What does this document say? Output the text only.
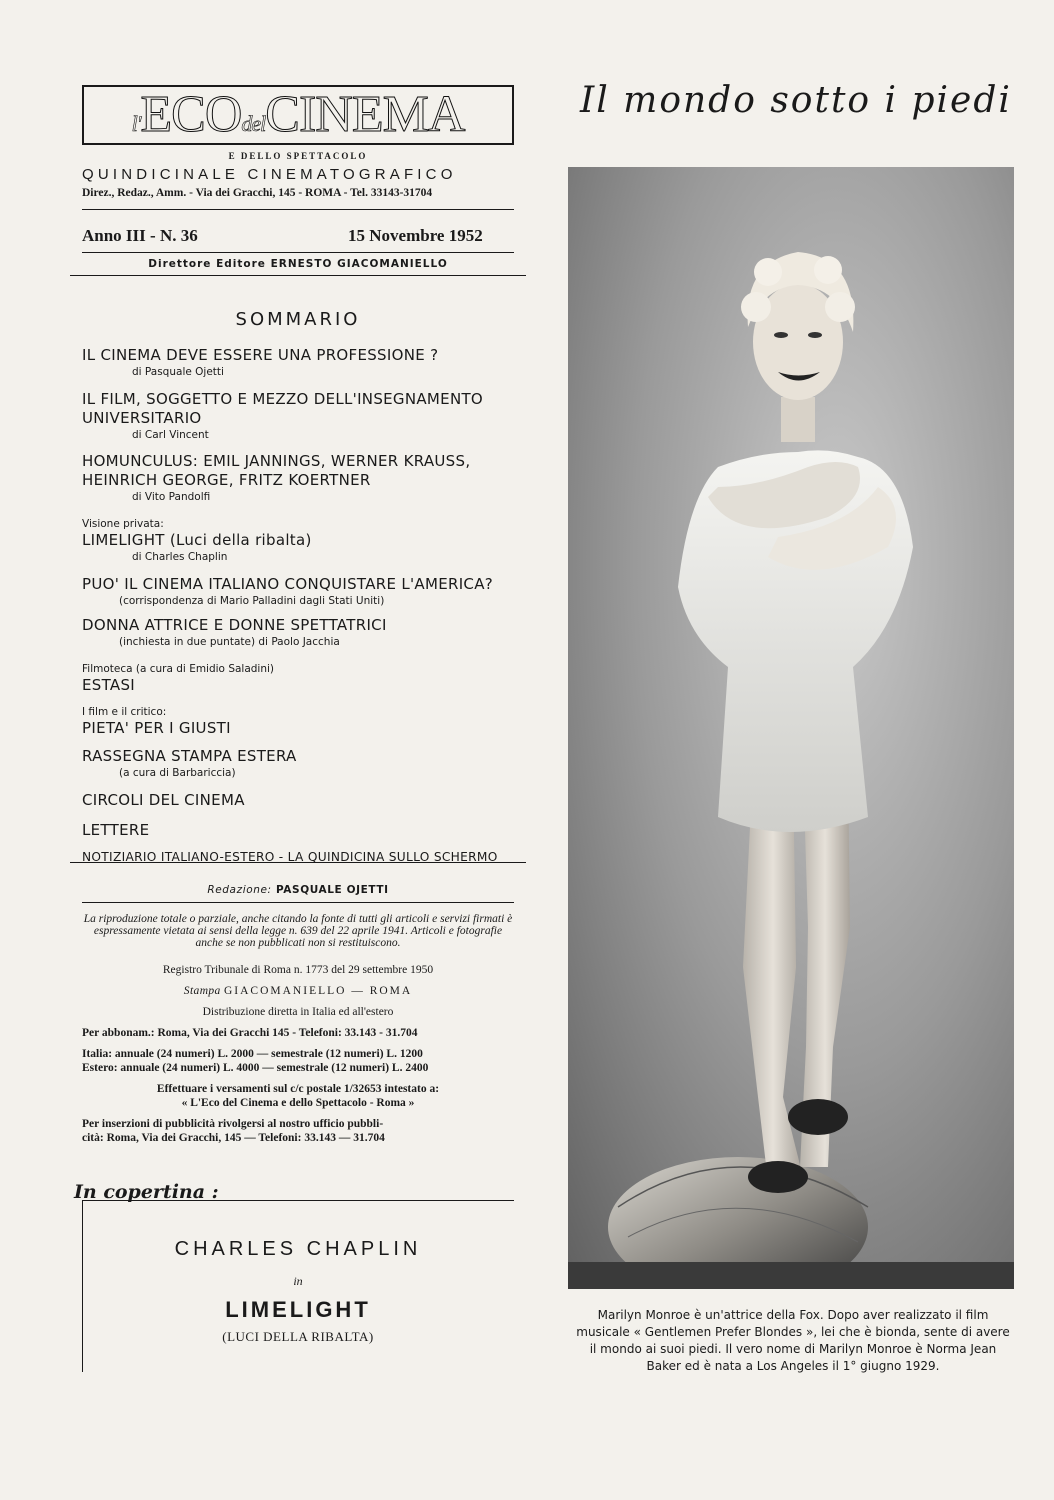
l'ECOdelCINEMA
E DELLO SPETTACOLO
QUINDICINALE CINEMATOGRAFICO
Direz., Redaz., Amm. - Via dei Gracchi, 145 - ROMA - Tel. 33143-31704
Anno III - N. 36	15 Novembre 1952
Direttore Editore ERNESTO GIACOMANIELLO
SOMMARIO
IL CINEMA DEVE ESSERE UNA PROFESSIONE ?
di Pasquale Ojetti
IL FILM, SOGGETTO E MEZZO DELL'INSEGNAMENTO
UNIVERSITARIO
di Carl Vincent
HOMUNCULUS: EMIL JANNINGS, WERNER KRAUSS,
HEINRICH GEORGE, FRITZ KOERTNER
di Vito Pandolfi
Visione privata:
LIMELIGHT (Luci della ribalta)
di Charles Chaplin
PUO' IL CINEMA ITALIANO CONQUISTARE L'AMERICA?
(corrispondenza di Mario Palladini dagli Stati Uniti)
DONNA ATTRICE E DONNE SPETTATRICI
(inchiesta in due puntate) di Paolo Jacchia
Filmoteca (a cura di Emidio Saladini)
ESTASI
I film e il critico:
PIETA' PER I GIUSTI
RASSEGNA STAMPA ESTERA
(a cura di Barbariccia)
CIRCOLI DEL CINEMA
LETTERE
NOTIZIARIO ITALIANO-ESTERO - LA QUINDICINA SULLO SCHERMO
Redazione: PASQUALE OJETTI
La riproduzione totale o parziale, anche citando la fonte di tutti gli articoli e servizi firmati è espressamente vietata ai sensi della legge n. 639 del 22 aprile 1941. Articoli e fotografie anche se non pubblicati non si restituiscono.
Registro Tribunale di Roma n. 1773 del 29 settembre 1950
Stampa GIACOMANIELLO — ROMA
Distribuzione diretta in Italia ed all'estero
Per abbonam.: Roma, Via dei Gracchi 145 - Telefoni: 33.143 - 31.704
Italia: annuale (24 numeri) L. 2000 — semestrale (12 numeri) L. 1200
Estero: annuale (24 numeri) L. 4000 — semestrale (12 numeri) L. 2400
Effettuare i versamenti sul c/c postale 1/32653 intestato a:
« L'Eco del Cinema e dello Spettacolo - Roma »
Per inserzioni di pubblicità rivolgersi al nostro ufficio pubbli-
cità: Roma, Via dei Gracchi, 145 — Telefoni: 33.143 — 31.704
In copertina :
CHARLES CHAPLIN
in
LIMELIGHT
(LUCI DELLA RIBALTA)
Il mondo sotto i piedi
Marilyn Monroe è un'attrice della Fox. Dopo aver realizzato il film musicale « Gentlemen Prefer Blondes », lei che è bionda, sente di avere il mondo ai suoi piedi. Il vero nome di Marilyn Monroe è Norma Jean Baker ed è nata a Los Angeles il 1° giugno 1929.
